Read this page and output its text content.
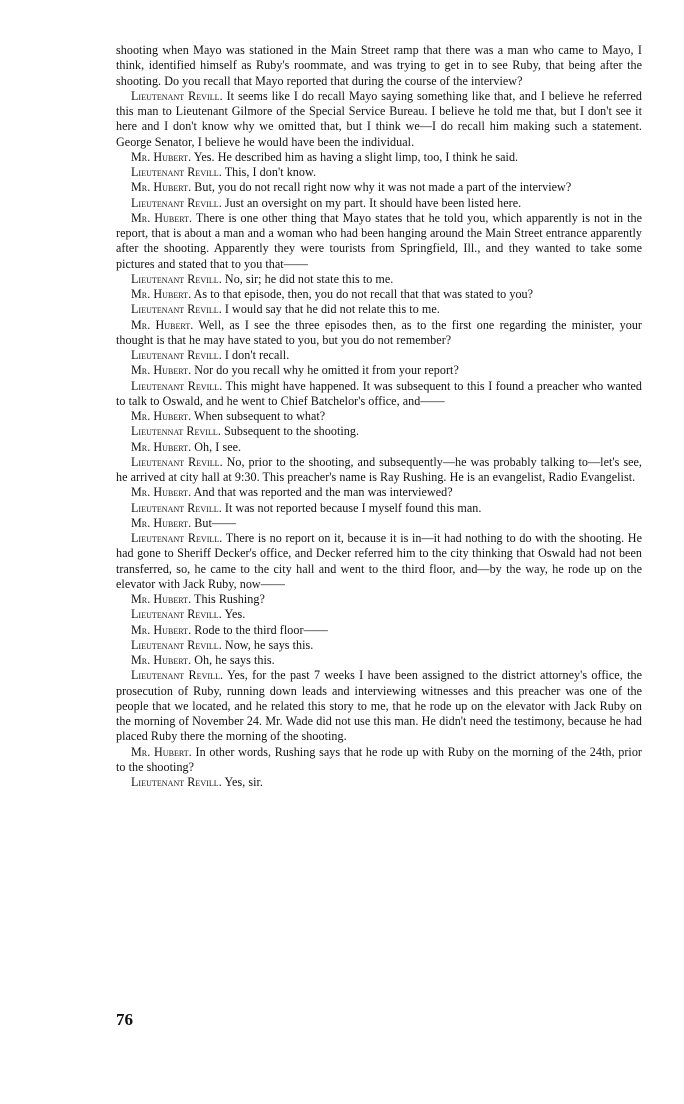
shooting when Mayo was stationed in the Main Street ramp that there was a man who came to Mayo, I think, identified himself as Ruby's roommate, and was trying to get in to see Ruby, that being after the shooting. Do you recall that Mayo reported that during the course of the interview?

Lieutenant Revill. It seems like I do recall Mayo saying something like that, and I believe he referred this man to Lieutenant Gilmore of the Special Service Bureau. I believe he told me that, but I don't see it here and I don't know why we omitted that, but I think we—I do recall him making such a statement. George Senator, I believe he would have been the individual.

Mr. Hubert. Yes. He described him as having a slight limp, too, I think he said.

Lieutenant Revill. This, I don't know.

Mr. Hubert. But, you do not recall right now why it was not made a part of the interview?

Lieutenant Revill. Just an oversight on my part. It should have been listed here.

Mr. Hubert. There is one other thing that Mayo states that he told you, which apparently is not in the report, that is about a man and a woman who had been hanging around the Main Street entrance apparently after the shooting. Apparently they were tourists from Springfield, Ill., and they wanted to take some pictures and stated that to you that——

Lieutenant Revill. No, sir; he did not state this to me.

Mr. Hubert. As to that episode, then, you do not recall that that was stated to you?

Lieutenant Revill. I would say that he did not relate this to me.

Mr. Hubert. Well, as I see the three episodes then, as to the first one regarding the minister, your thought is that he may have stated to you, but you do not remember?

Lieutenant Revill. I don't recall.

Mr. Hubert. Nor do you recall why he omitted it from your report?

Lieutenant Revill. This might have happened. It was subsequent to this I found a preacher who wanted to talk to Oswald, and he went to Chief Batchelor's office, and——

Mr. Hubert. When subsequent to what?

Lieutennat Revill. Subsequent to the shooting.

Mr. Hubert. Oh, I see.

Lieutenant Revill. No, prior to the shooting, and subsequently—he was probably talking to—let's see, he arrived at city hall at 9:30. This preacher's name is Ray Rushing. He is an evangelist, Radio Evangelist.

Mr. Hubert. And that was reported and the man was interviewed?

Lieutenant Revill. It was not reported because I myself found this man.

Mr. Hubert. But——

Lieutenant Revill. There is no report on it, because it is in—it had nothing to do with the shooting. He had gone to Sheriff Decker's office, and Decker referred him to the city thinking that Oswald had not been transferred, so, he came to the city hall and went to the third floor, and—by the way, he rode up on the elevator with Jack Ruby, now——

Mr. Hubert. This Rushing?

Lieutenant Revill. Yes.

Mr. Hubert. Rode to the third floor——

Lieutenant Revill. Now, he says this.

Mr. Hubert. Oh, he says this.

Lieutenant Revill. Yes, for the past 7 weeks I have been assigned to the district attorney's office, the prosecution of Ruby, running down leads and interviewing witnesses and this preacher was one of the people that we located, and he related this story to me, that he rode up on the elevator with Jack Ruby on the morning of November 24. Mr. Wade did not use this man. He didn't need the testimony, because he had placed Ruby there the morning of the shooting.

Mr. Hubert. In other words, Rushing says that he rode up with Ruby on the morning of the 24th, prior to the shooting?

Lieutenant Revill. Yes, sir.

76
